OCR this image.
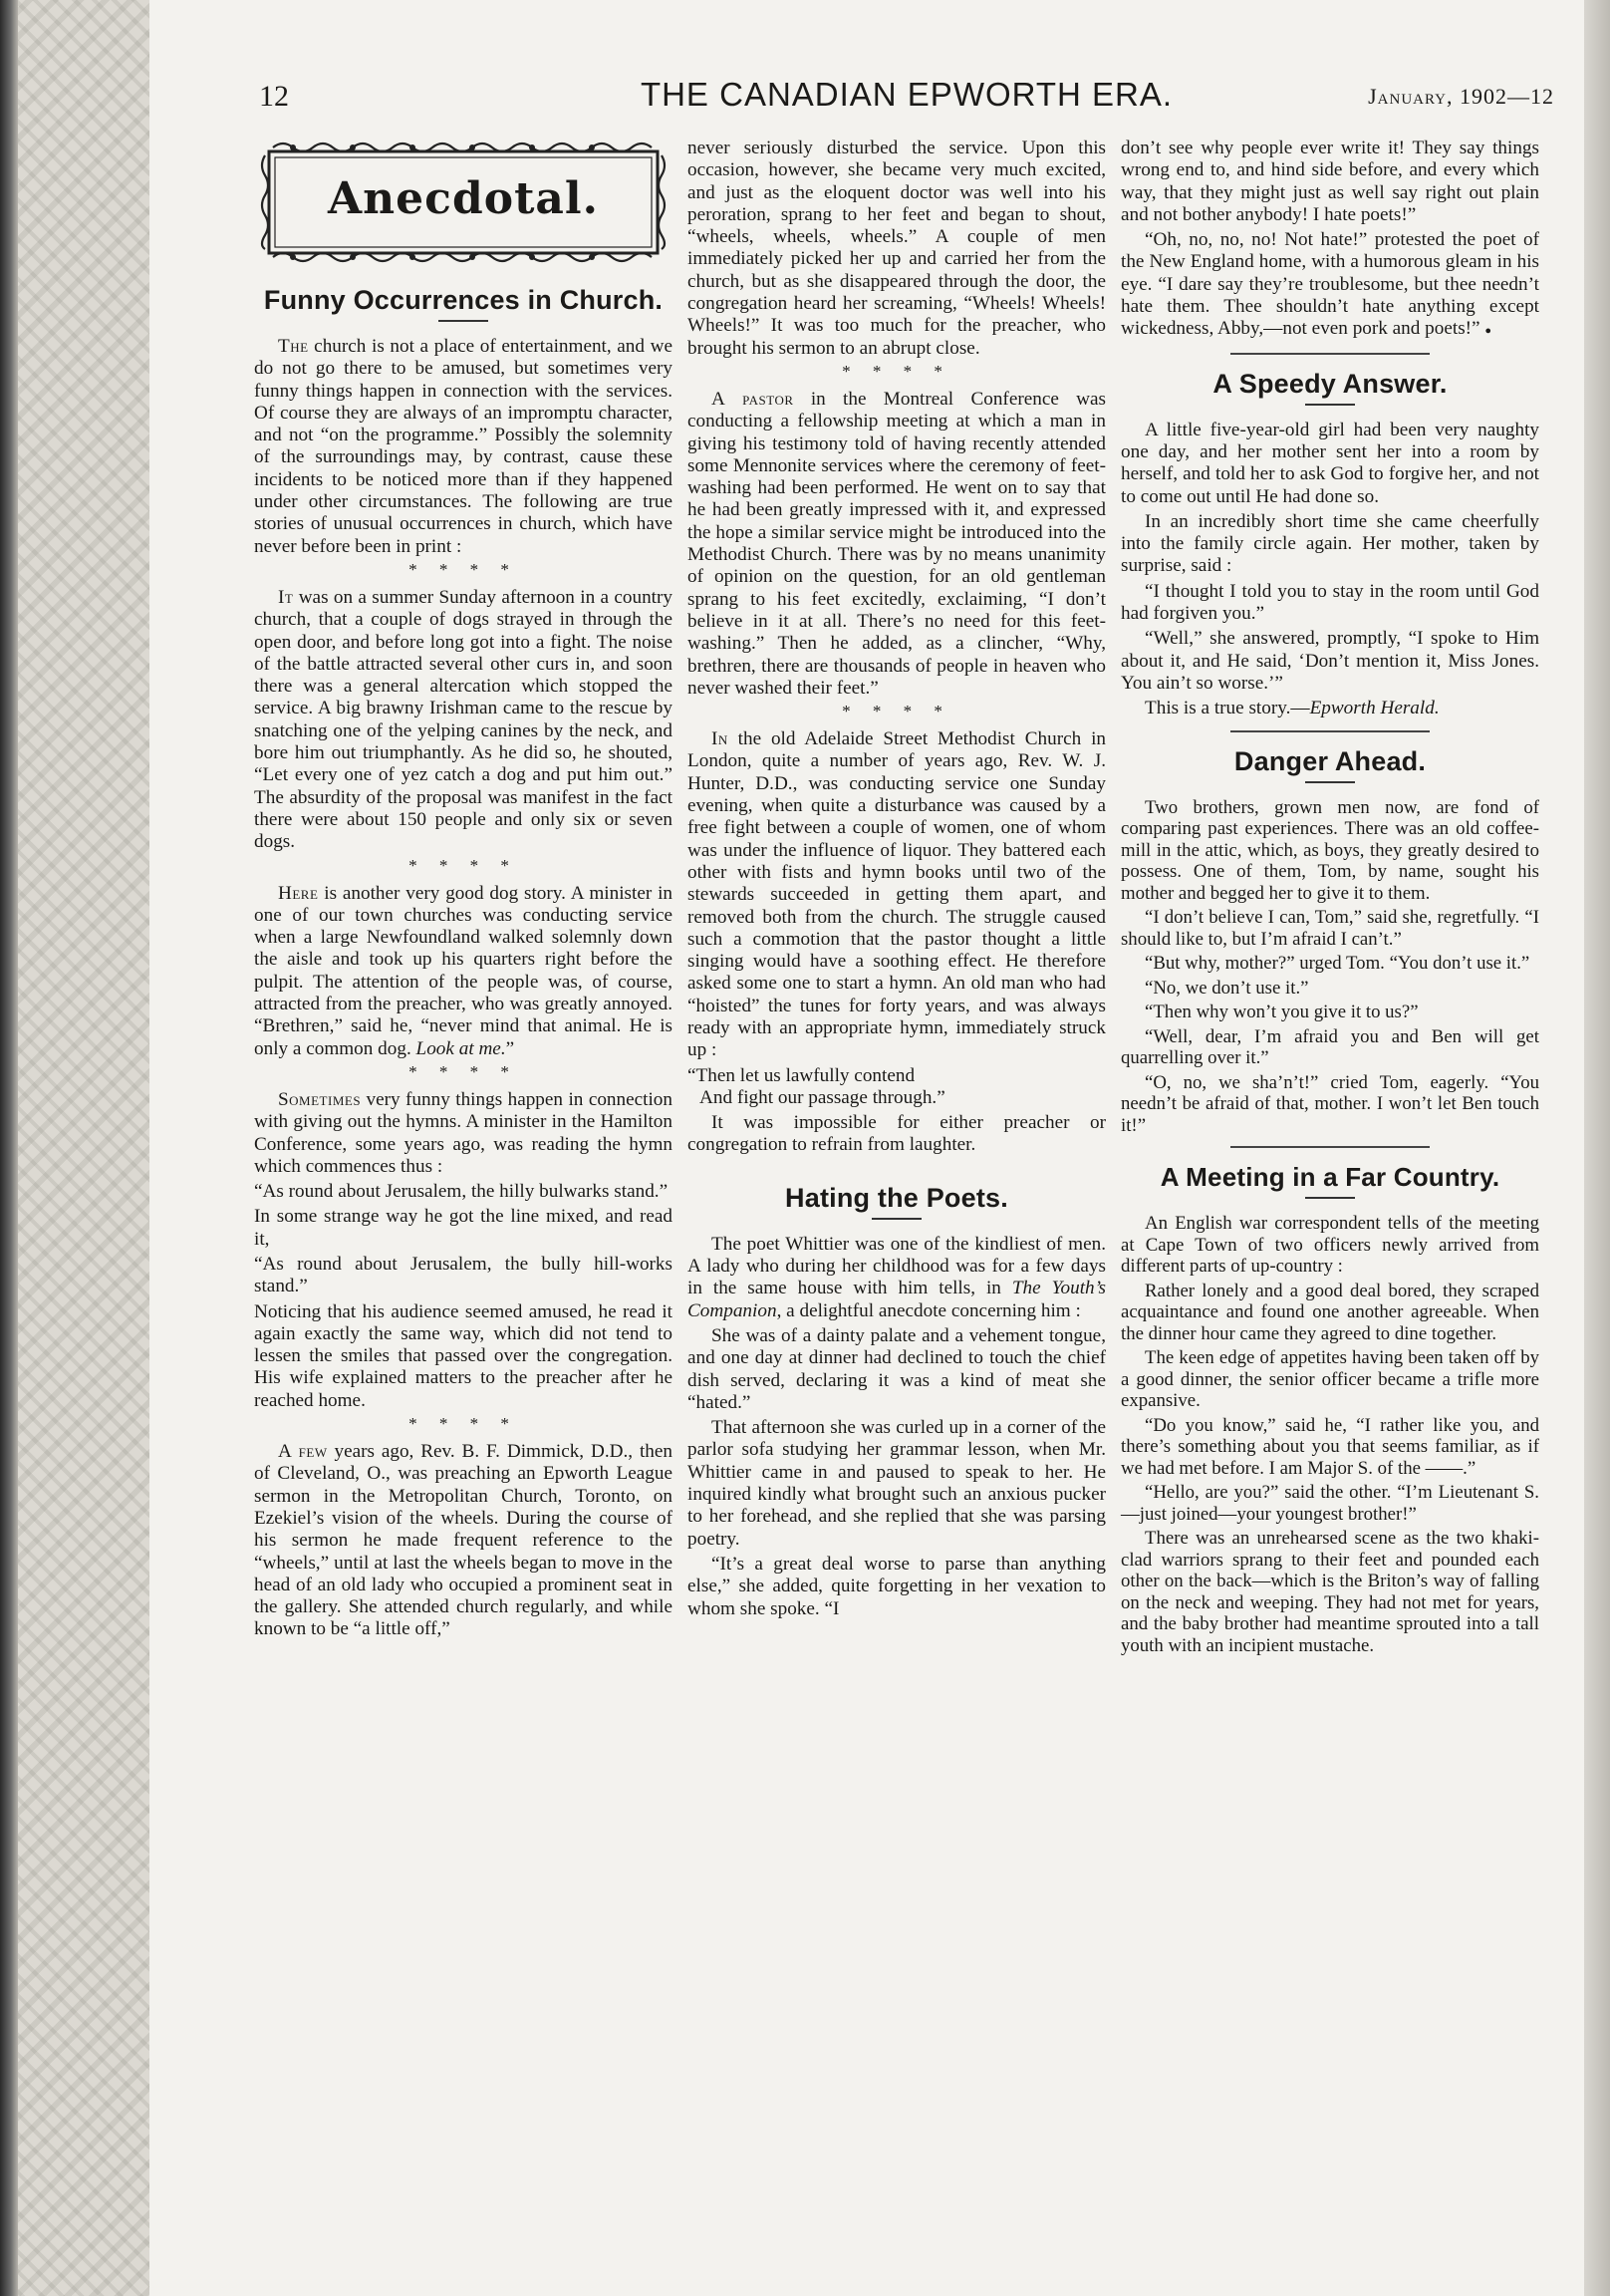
12	THE CANADIAN EPWORTH ERA.	January, 1902—12
Anecdotal.
Funny Occurrences in Church.

The church is not a place of entertainment, and we do not go there to be amused, but sometimes very funny things happen in connection with the services. Of course they are always of an impromptu character, and not “on the programme.” Possibly the solemnity of the surroundings may, by contrast, cause these incidents to be noticed more than if they happened under other circumstances. The following are true stories of unusual occurrences in church, which have never before been in print :

* * * *

It was on a summer Sunday afternoon in a country church, that a couple of dogs strayed in through the open door, and before long got into a fight. The noise of the battle attracted several other curs in, and soon there was a general altercation which stopped the service. A big brawny Irishman came to the rescue by snatching one of the yelping canines by the neck, and bore him out triumphantly. As he did so, he shouted, “Let every one of yez catch a dog and put him out.” The absurdity of the proposal was manifest in the fact there were about 150 people and only six or seven dogs.

* * * *

Here is another very good dog story. A minister in one of our town churches was conducting service when a large Newfoundland walked solemnly down the aisle and took up his quarters right before the pulpit. The attention of the people was, of course, attracted from the preacher, who was greatly annoyed. “Brethren,” said he, “never mind that animal. He is only a common dog. Look at me.”

* * * *

Sometimes very funny things happen in connection with giving out the hymns. A minister in the Hamilton Conference, some years ago, was reading the hymn which commences thus :

“As round about Jerusalem, the hilly bulwarks stand.”

In some strange way he got the line mixed, and read it,

“As round about Jerusalem, the bully hill-works stand.”

Noticing that his audience seemed amused, he read it again exactly the same way, which did not tend to lessen the smiles that passed over the congregation. His wife explained matters to the preacher after he reached home.

* * * *

A few years ago, Rev. B. F. Dimmick, D.D., then of Cleveland, O., was preaching an Epworth League sermon in the Metropolitan Church, Toronto, on Ezekiel’s vision of the wheels. During the course of his sermon he made frequent reference to the “wheels,” until at last the wheels began to move in the head of an old lady who occupied a prominent seat in the gallery. She attended church regularly, and while known to be “a little off,”

never seriously disturbed the service. Upon this occasion, however, she became very much excited, and just as the eloquent doctor was well into his peroration, sprang to her feet and began to shout, “wheels, wheels, wheels.” A couple of men immediately picked her up and carried her from the church, but as she disappeared through the door, the congregation heard her screaming, “Wheels! Wheels! Wheels!” It was too much for the preacher, who brought his sermon to an abrupt close.

* * * *

A pastor in the Montreal Conference was conducting a fellowship meeting at which a man in giving his testimony told of having recently attended some Mennonite services where the ceremony of feet-washing had been performed. He went on to say that he had been greatly impressed with it, and expressed the hope a similar service might be introduced into the Methodist Church. There was by no means unanimity of opinion on the question, for an old gentleman sprang to his feet excitedly, exclaiming, “I don’t believe in it at all. There’s no need for this feet-washing.” Then he added, as a clincher, “Why, brethren, there are thousands of people in heaven who never washed their feet.”

* * * *

In the old Adelaide Street Methodist Church in London, quite a number of years ago, Rev. W. J. Hunter, D.D., was conducting service one Sunday evening, when quite a disturbance was caused by a free fight between a couple of women, one of whom was under the influence of liquor. They battered each other with fists and hymn books until two of the stewards succeeded in getting them apart, and removed both from the church. The struggle caused such a commotion that the pastor thought a little singing would have a soothing effect. He therefore asked some one to start a hymn. An old man who had “hoisted” the tunes for forty years, and was always ready with an appropriate hymn, immediately struck up :

“Then let us lawfully contend
And fight our passage through.”

It was impossible for either preacher or congregation to refrain from laughter.

Hating the Poets.

The poet Whittier was one of the kindliest of men. A lady who during her childhood was for a few days in the same house with him tells, in The Youth’s Companion, a delightful anecdote concerning him :

She was of a dainty palate and a vehement tongue, and one day at dinner had declined to touch the chief dish served, declaring it was a kind of meat she “hated.”

That afternoon she was curled up in a corner of the parlor sofa studying her grammar lesson, when Mr. Whittier came in and paused to speak to her. He inquired kindly what brought such an anxious pucker to her forehead, and she replied that she was parsing poetry.

“It’s a great deal worse to parse than anything else,” she added, quite forgetting in her vexation to whom she spoke. “I

don’t see why people ever write it! They say things wrong end to, and hind side before, and every which way, that they might just as well say right out plain and not bother anybody! I hate poets!”

“Oh, no, no, no! Not hate!” protested the poet of the New England home, with a humorous gleam in his eye. “I dare say they’re troublesome, but thee needn’t hate them. Thee shouldn’t hate anything except wickedness, Abby,—not even pork and poets!” ●

A Speedy Answer.

A little five-year-old girl had been very naughty one day, and her mother sent her into a room by herself, and told her to ask God to forgive her, and not to come out until He had done so.

In an incredibly short time she came cheerfully into the family circle again. Her mother, taken by surprise, said :

“I thought I told you to stay in the room until God had forgiven you.”

“Well,” she answered, promptly, “I spoke to Him about it, and He said, ‘Don’t mention it, Miss Jones. You ain’t so worse.’”

This is a true story.—Epworth Herald.

Danger Ahead.

Two brothers, grown men now, are fond of comparing past experiences. There was an old coffee-mill in the attic, which, as boys, they greatly desired to possess. One of them, Tom, by name, sought his mother and begged her to give it to them.

“I don’t believe I can, Tom,” said she, regretfully. “I should like to, but I’m afraid I can’t.”

“But why, mother?” urged Tom. “You don’t use it.”

“No, we don’t use it.”

“Then why won’t you give it to us?”

“Well, dear, I’m afraid you and Ben will get quarrelling over it.”

“O, no, we sha’n’t!” cried Tom, eagerly. “You needn’t be afraid of that, mother. I won’t let Ben touch it!”

A Meeting in a Far Country.

An English war correspondent tells of the meeting at Cape Town of two officers newly arrived from different parts of up-country :

Rather lonely and a good deal bored, they scraped acquaintance and found one another agreeable. When the dinner hour came they agreed to dine together.

The keen edge of appetites having been taken off by a good dinner, the senior officer became a trifle more expansive.

“Do you know,” said he, “I rather like you, and there’s something about you that seems familiar, as if we had met before. I am Major S. of the ——.”

“Hello, are you?” said the other. “I’m Lieutenant S.—just joined—your youngest brother!”

There was an unrehearsed scene as the two khaki-clad warriors sprang to their feet and pounded each other on the back—which is the Briton’s way of falling on the neck and weeping. They had not met for years, and the baby brother had meantime sprouted into a tall youth with an incipient mustache.
